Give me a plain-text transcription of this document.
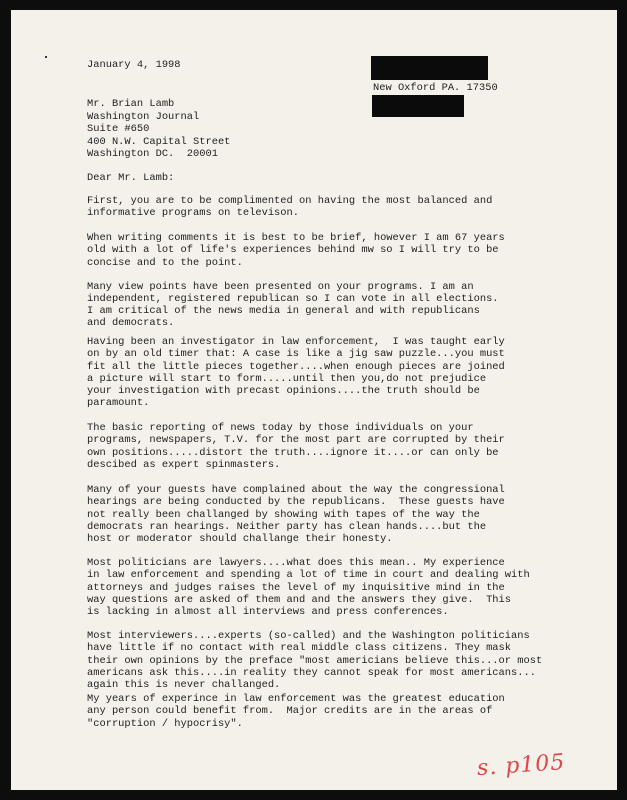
January 4, 1998
New Oxford PA. 17350
Mr. Brian Lamb
Washington Journal
Suite #650
400 N.W. Capital Street
Washington DC.  20001
Dear Mr. Lamb:
First, you are to be complimented on having the most balanced and
informative programs on televison.
When writing comments it is best to be brief, however I am 67 years
old with a lot of life's experiences behind mw so I will try to be
concise and to the point.
Many view points have been presented on your programs. I am an
independent, registered republican so I can vote in all elections.
I am critical of the news media in general and with republicans
and democrats.
Having been an investigator in law enforcement,  I was taught early
on by an old timer that: A case is like a jig saw puzzle...you must
fit all the little pieces together....when enough pieces are joined
a picture will start to form.....until then you,do not prejudice
your investigation with precast opinions....the truth should be
paramount.
The basic reporting of news today by those individuals on your
programs, newspapers, T.V. for the most part are corrupted by their
own positions.....distort the truth....ignore it....or can only be
descibed as expert spinmasters.
Many of your guests have complained about the way the congressional
hearings are being conducted by the republicans.  These guests have
not really been challanged by showing with tapes of the way the
democrats ran hearings. Neither party has clean hands....but the
host or moderator should challange their honesty.
Most politicians are lawyers....what does this mean.. My experience
in law enforcement and spending a lot of time in court and dealing with
attorneys and judges raises the level of my inquisitive mind in the
way questions are asked of them and and the answers they give.  This
is lacking in almost all interviews and press conferences.
Most interviewers....experts (so-called) and the Washington politicians
have little if no contact with real middle class citizens. They mask
their own opinions by the preface "most americians believe this...or most
americans ask this....in reality they cannot speak for most americans...
again this is never challanged.
My years of experince in law enforcement was the greatest education
any person could benefit from.  Major credits are in the areas of
"corruption / hypocrisy".
s. p105
